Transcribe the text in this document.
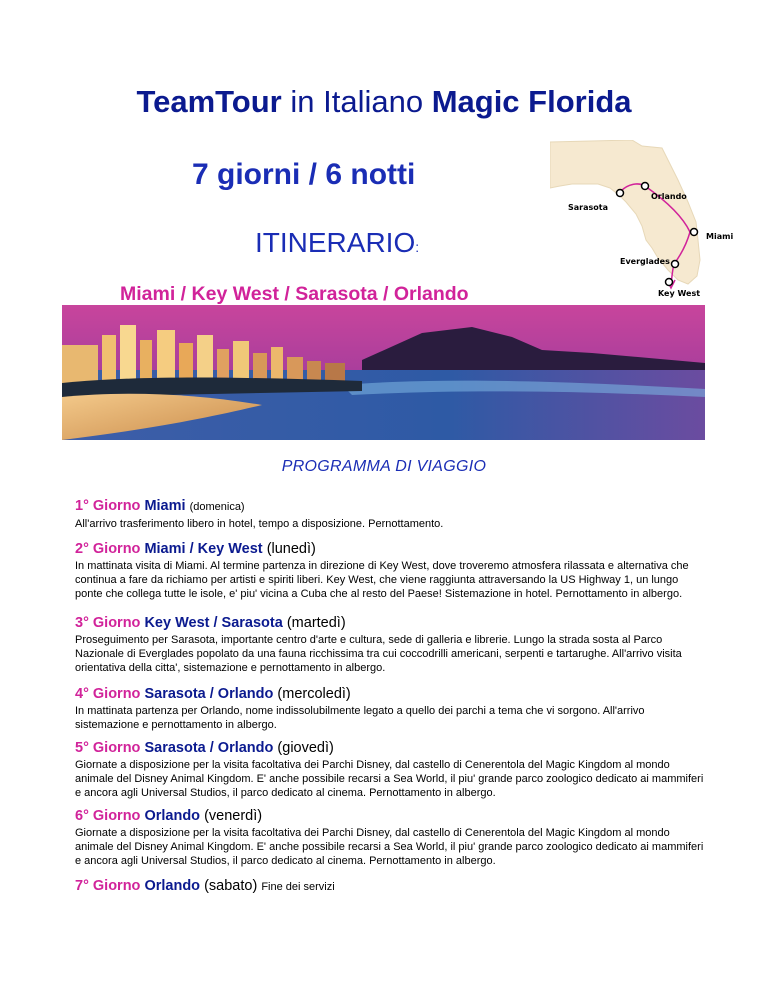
TeamTour in Italiano Magic Florida
7 giorni / 6 notti
ITINERARIO:
Miami / Key West / Sarasota / Orlando
Orlando
Sarasota
Miami
Everglades
Key West
PROGRAMMA DI VIAGGIO
1° Giorno Miami (domenica)

All'arrivo trasferimento libero in hotel, tempo a disposizione. Pernottamento.

2° Giorno Miami / Key West (lunedì)

In mattinata visita di Miami. Al termine partenza in direzione di Key West, dove troveremo atmosfera rilassata e alternativa che continua a fare da richiamo per artisti e spiriti liberi. Key West, che viene raggiunta attraversando la US Highway 1, un lungo ponte che collega tutte le isole, e' piu' vicina a Cuba che al resto del Paese! Sistemazione in hotel. Pernottamento in albergo.

3° Giorno Key West / Sarasota (martedì)

Proseguimento per Sarasota, importante centro d'arte e cultura, sede di galleria e librerie. Lungo la strada sosta al Parco Nazionale di Everglades popolato da una fauna ricchissima tra cui coccodrilli americani, serpenti e tartarughe. All'arrivo visita orientativa della citta', sistemazione e pernottamento in albergo.

4° Giorno Sarasota / Orlando (mercoledì)

In mattinata partenza per Orlando, nome indissolubilmente legato a quello dei parchi a tema che vi sorgono. All'arrivo sistemazione e pernottamento in albergo.

5° Giorno Sarasota / Orlando (giovedì)

Giornate a disposizione per la visita facoltativa dei Parchi Disney, dal castello di Cenerentola del Magic Kingdom al mondo animale del Disney Animal Kingdom. E' anche possibile recarsi a Sea World, il piu' grande parco zoologico dedicato ai mammiferi e ancora agli Universal Studios, il parco dedicato al cinema. Pernottamento in albergo.

6° Giorno Orlando (venerdì)

Giornate a disposizione per la visita facoltativa dei Parchi Disney, dal castello di Cenerentola del Magic Kingdom al mondo animale del Disney Animal Kingdom. E' anche possibile recarsi a Sea World, il piu' grande parco zoologico dedicato ai mammiferi e ancora agli Universal Studios, il parco dedicato al cinema. Pernottamento in albergo.

7° Giorno Orlando (sabato) Fine dei servizi
